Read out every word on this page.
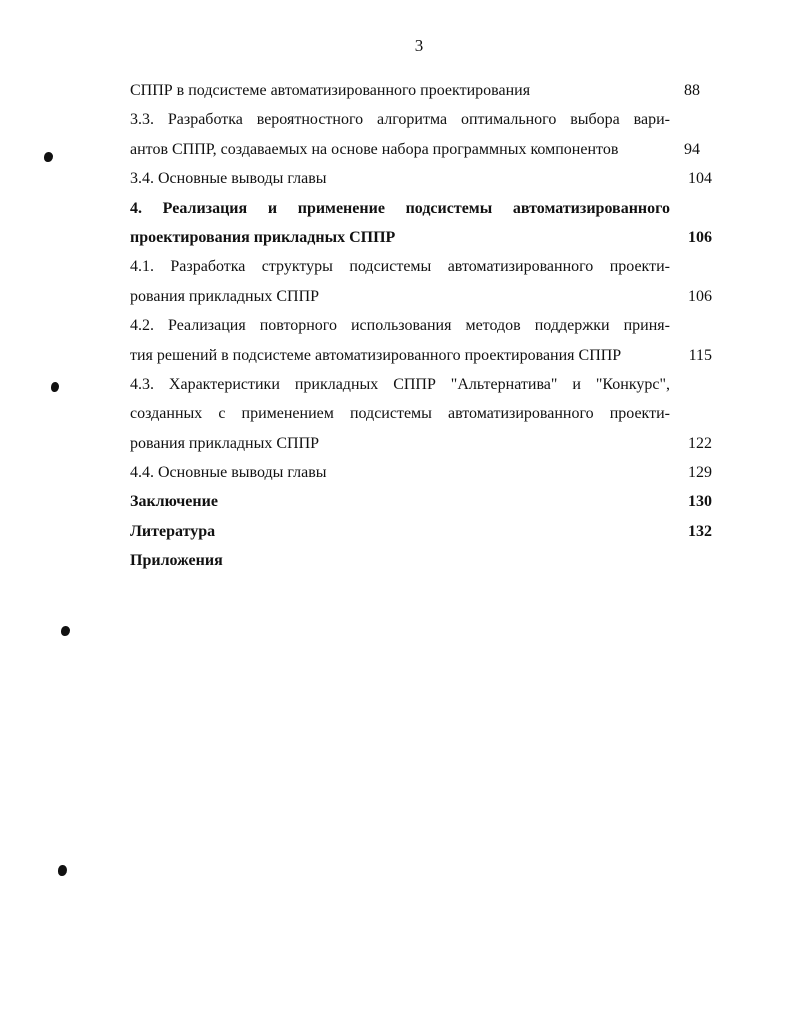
3
СППР в подсистеме автоматизированного проектирования	88
3.3. Разработка вероятностного алгоритма оптимального выбора вари-
антов СППР, создаваемых на основе набора программных компонентов	94
3.4. Основные выводы главы	104
4. Реализация и применение подсистемы автоматизированного
проектирования прикладных СППР	106
4.1. Разработка структуры подсистемы автоматизированного проекти-
рования прикладных СППР	106
4.2. Реализация повторного использования методов поддержки приня-
тия решений в подсистеме автоматизированного проектирования СППР	115
4.3. Характеристики прикладных СППР "Альтернатива" и "Конкурс",
созданных с применением подсистемы автоматизированного проекти-
рования прикладных СППР	122
4.4. Основные выводы главы	129
Заключение	130
Литература	132
Приложения
